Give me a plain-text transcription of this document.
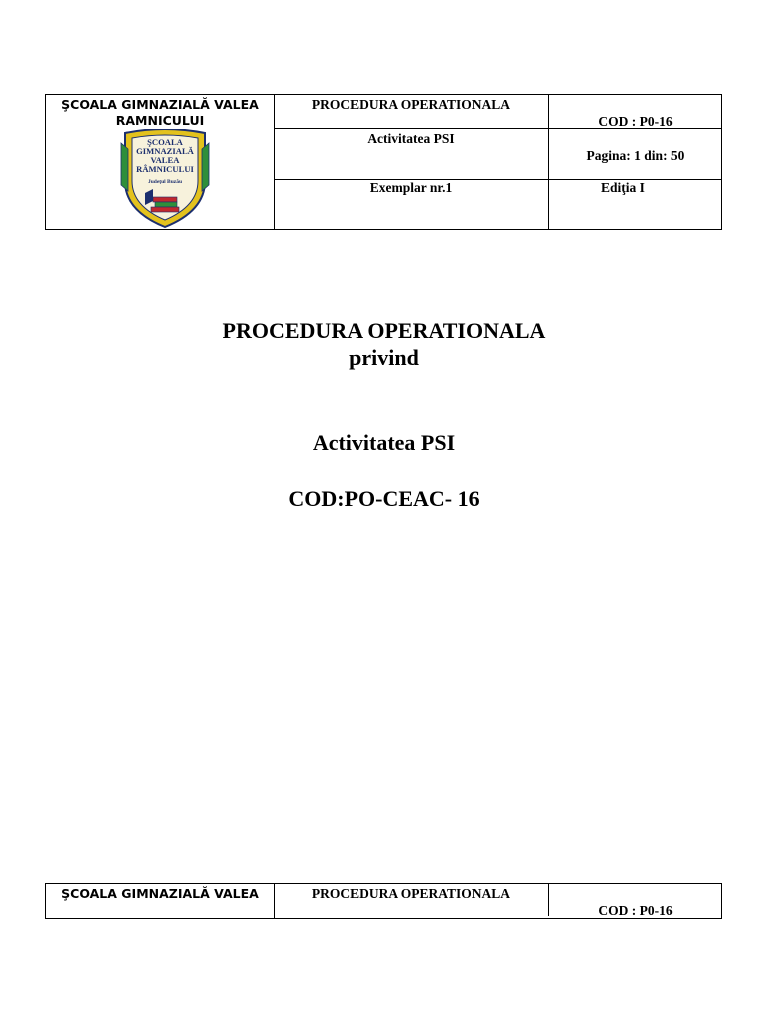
ŞCOALA GIMNAZIALĂ VALEA RAMNICULUI
ŞCOALA
GIMNAZIALĂ
VALEA
RÂMNICULUI
Judeţul Buzău
PROCEDURA OPERATIONALA
COD : P0-16
Activitatea PSI
Pagina: 1 din: 50
Exemplar nr.1	Ediţia I
PROCEDURA OPERATIONALA
privind
Activitatea PSI
COD:PO-CEAC- 16
ŞCOALA GIMNAZIALĂ VALEA	PROCEDURA OPERATIONALA
COD : P0-16
